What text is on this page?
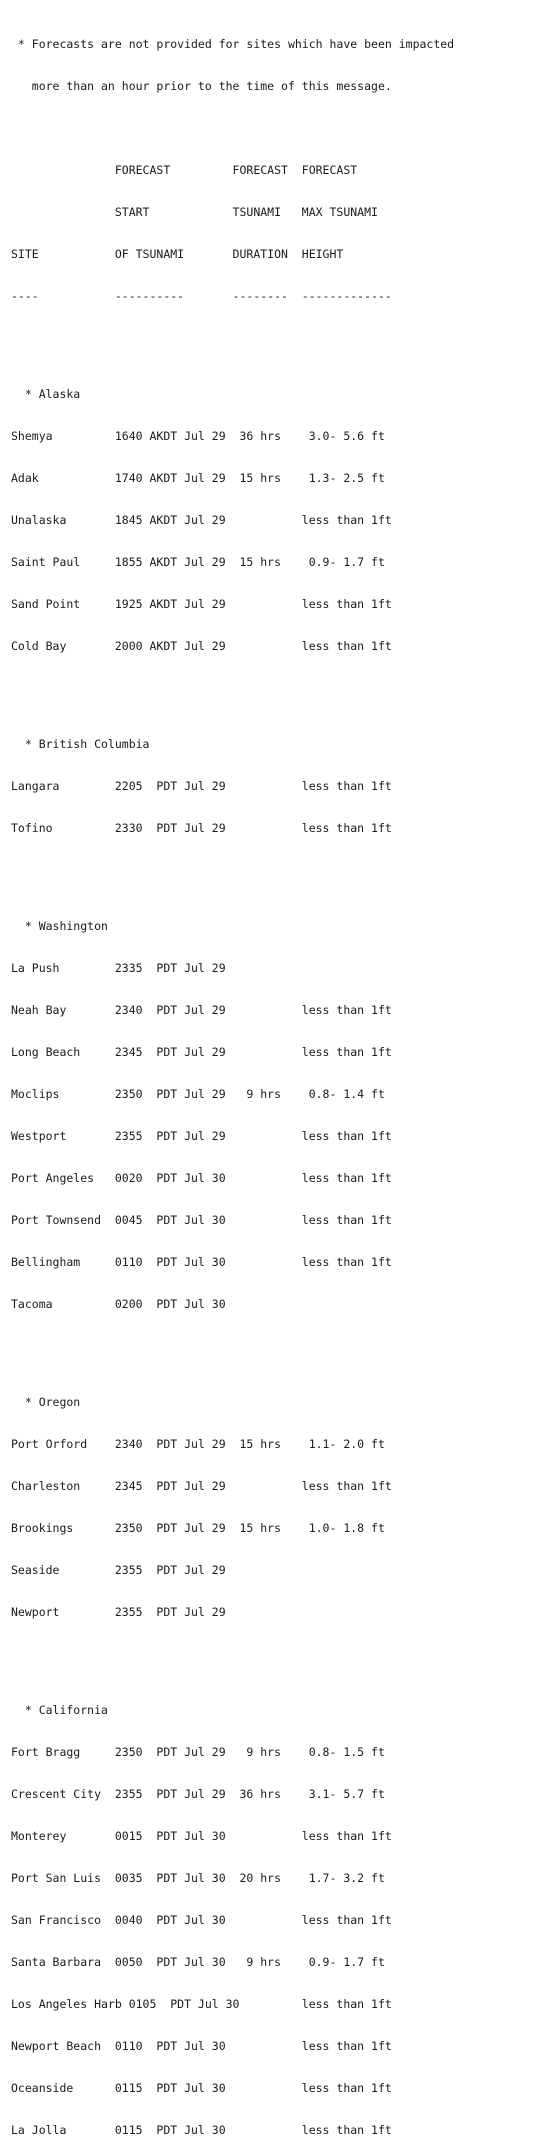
* Forecasts are not provided for sites which have been impacted

more than an hour prior to the time of this message.

FORECAST         FORECAST  FORECAST

START            TSUNAMI   MAX TSUNAMI

SITE           OF TSUNAMI       DURATION  HEIGHT

----           ----------       --------  -------------

* Alaska

Shemya         1640 AKDT Jul 29  36 hrs    3.0- 5.6 ft

Adak           1740 AKDT Jul 29  15 hrs    1.3- 2.5 ft

Unalaska       1845 AKDT Jul 29           less than 1ft

Saint Paul     1855 AKDT Jul 29  15 hrs    0.9- 1.7 ft

Sand Point     1925 AKDT Jul 29           less than 1ft

Cold Bay       2000 AKDT Jul 29           less than 1ft

* British Columbia

Langara        2205  PDT Jul 29           less than 1ft

Tofino         2330  PDT Jul 29           less than 1ft

* Washington

La Push        2335  PDT Jul 29

Neah Bay       2340  PDT Jul 29           less than 1ft

Long Beach     2345  PDT Jul 29           less than 1ft

Moclips        2350  PDT Jul 29   9 hrs    0.8- 1.4 ft

Westport       2355  PDT Jul 29           less than 1ft

Port Angeles   0020  PDT Jul 30           less than 1ft

Port Townsend  0045  PDT Jul 30           less than 1ft

Bellingham     0110  PDT Jul 30           less than 1ft

Tacoma         0200  PDT Jul 30

* Oregon

Port Orford    2340  PDT Jul 29  15 hrs    1.1- 2.0 ft

Charleston     2345  PDT Jul 29           less than 1ft

Brookings      2350  PDT Jul 29  15 hrs    1.0- 1.8 ft

Seaside        2355  PDT Jul 29

Newport        2355  PDT Jul 29

* California

Fort Bragg     2350  PDT Jul 29   9 hrs    0.8- 1.5 ft

Crescent City  2355  PDT Jul 29  36 hrs    3.1- 5.7 ft

Monterey       0015  PDT Jul 30           less than 1ft

Port San Luis  0035  PDT Jul 30  20 hrs    1.7- 3.2 ft

San Francisco  0040  PDT Jul 30           less than 1ft

Santa Barbara  0050  PDT Jul 30   9 hrs    0.9- 1.7 ft

Los Angeles Harb 0105  PDT Jul 30         less than 1ft

Newport Beach  0110  PDT Jul 30           less than 1ft

Oceanside      0115  PDT Jul 30           less than 1ft

La Jolla       0115  PDT Jul 30           less than 1ft
